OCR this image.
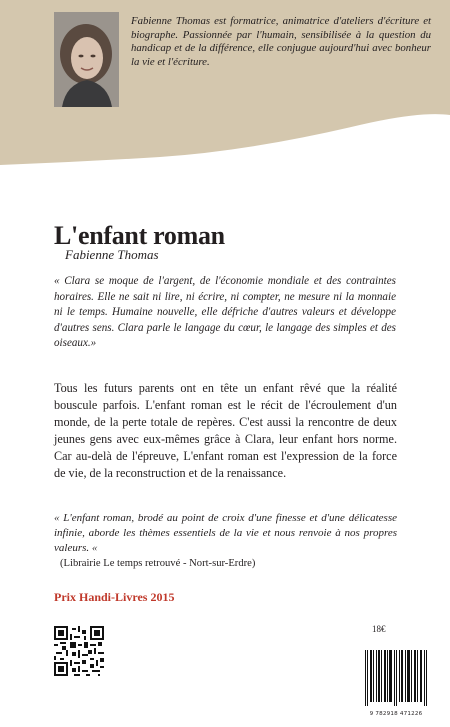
Fabienne Thomas est formatrice, animatrice d'ateliers d'écriture et biographe. Passionnée par l'humain, sensibilisée à la question du handicap et de la différence, elle conjugue aujourd'hui avec bonheur la vie et l'écriture.

L'enfant roman

Fabienne Thomas

« Clara se moque de l'argent, de l'économie mondiale et des contraintes horaires. Elle ne sait ni lire, ni écrire, ni compter, ne mesure ni la monnaie ni le temps. Humaine nouvelle, elle défriche d'autres valeurs et développe d'autres sens. Clara parle le langage du cœur, le langage des simples et des oiseaux.»

Tous les futurs parents ont en tête un enfant rêvé que la réalité bouscule parfois. L'enfant roman est le récit de l'écroulement d'un monde, de la perte totale de repères. C'est aussi la rencontre de deux jeunes gens avec eux-mêmes grâce à Clara, leur enfant hors norme. Car au-delà de l'épreuve, L'enfant roman est l'expression de la force de vie, de la reconstruction et de la renaissance.

« L'enfant roman, brodé au point de croix d'une finesse et d'une délicatesse infinie, aborde les thèmes essentiels de la vie et nous renvoie à nos propres valeurs. «

(Librairie Le temps retrouvé - Nort-sur-Erdre)

Prix Handi-Livres 2015

18€

9 782918 471226
